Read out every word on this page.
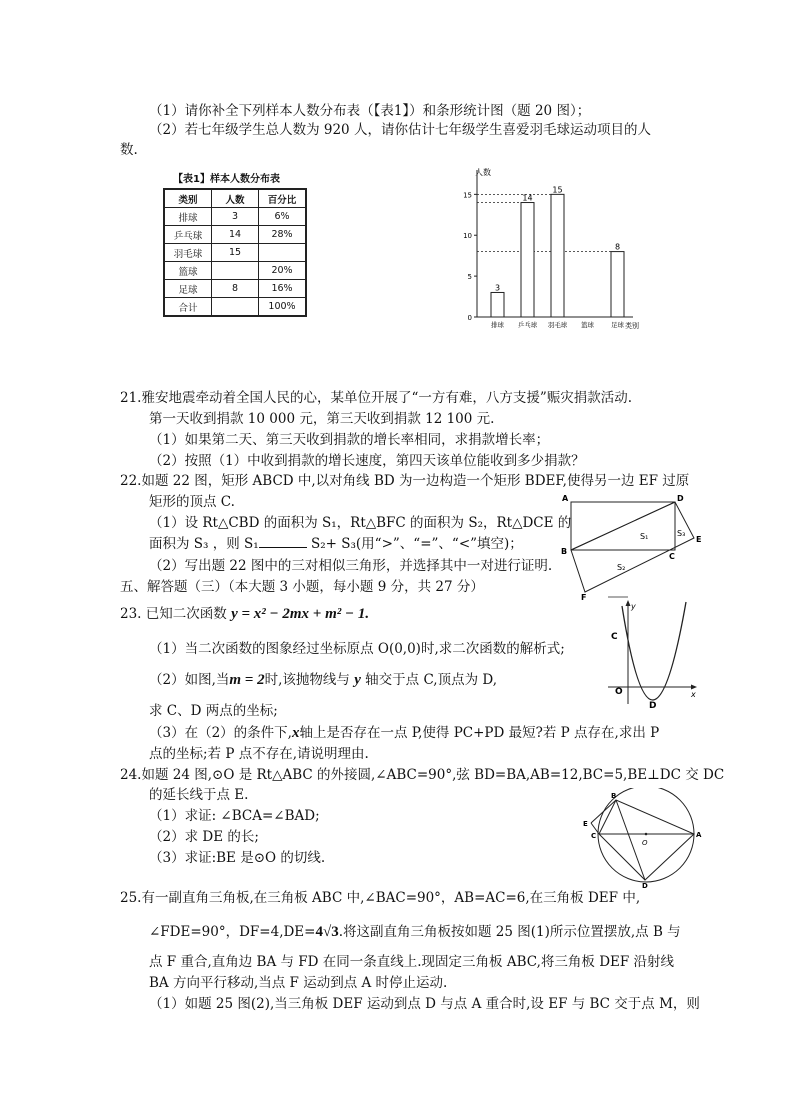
（1）请你补全下列样本人数分布表（【表1】）和条形统计图（题 20 图）；
（2）若七年级学生总人数为 920 人，请你估计七年级学生喜爱羽毛球运动项目的人
数.
【表1】样本人数分布表
类别	人数	百分比
排球	3	6%
乒乓球	14	28%
羽毛球	15	
篮球		20%
足球	8	16%
合计		100%
人数
类别
0
5
10
15
3
14
15
8
排球 乒乓球 羽毛球 篮球	足球
21.雅安地震牵动着全国人民的心，某单位开展了“一方有难，八方支援”赈灾捐款活动.
第一天收到捐款 10 000 元，第三天收到捐款 12 100 元.
（1）如果第二天、第三天收到捐款的增长率相同，求捐款增长率；
（2）按照（1）中收到捐款的增长速度，第四天该单位能收到多少捐款？
22.如题 22 图，矩形 ABCD 中,以对角线 BD 为一边构造一个矩形 BDEF,使得另一边 EF 过原
矩形的顶点 C.
（1）设 Rt△CBD 的面积为 S₁，Rt△BFC 的面积为 S₂，Rt△DCE 的
面积为 S₃ ，则 S₁	S₂+ S₃(用“>”、“=”、“<”填空)；
（2）写出题 22 图中的三对相似三角形，并选择其中一对进行证明.
A	D
B
C
E
F
S₁
S₂
S₃
五、解答题（三）（本大题 3 小题，每小题 9 分，共 27 分）
23. 已知二次函数 y = x² − 2mx + m² − 1.
（1）当二次函数的图象经过坐标原点 O(0,0)时,求二次函数的解析式;
（2）如图,当m = 2时,该抛物线与 y 轴交于点 C,顶点为 D,
求 C、D 两点的坐标;
（3）在（2）的条件下,x轴上是否存在一点 P,使得 PC+PD 最短?若 P 点存在,求出 P
点的坐标;若 P 点不存在,请说明理由.
y
x
C
O
D
24.如题 24 图,⊙O 是 Rt△ABC 的外接圆,∠ABC=90°,弦 BD=BA,AB=12,BC=5,BE⊥DC 交 DC
的延长线于点 E.
（1）求证: ∠BCA=∠BAD;
（2）求 DE 的长;
（3）求证:BE 是⊙O 的切线.
B
E
C	A
D
O
25.有一副直角三角板,在三角板 ABC 中,∠BAC=90°，AB=AC=6,在三角板 DEF 中,
∠FDE=90°，DF=4,DE=4√3.将这副直角三角板按如题 25 图(1)所示位置摆放,点 B 与
点 F 重合,直角边 BA 与 FD 在同一条直线上.现固定三角板 ABC,将三角板 DEF 沿射线
BA 方向平行移动,当点 F 运动到点 A 时停止运动.
（1）如题 25 图(2),当三角板 DEF 运动到点 D 与点 A 重合时,设 EF 与 BC 交于点 M，则
